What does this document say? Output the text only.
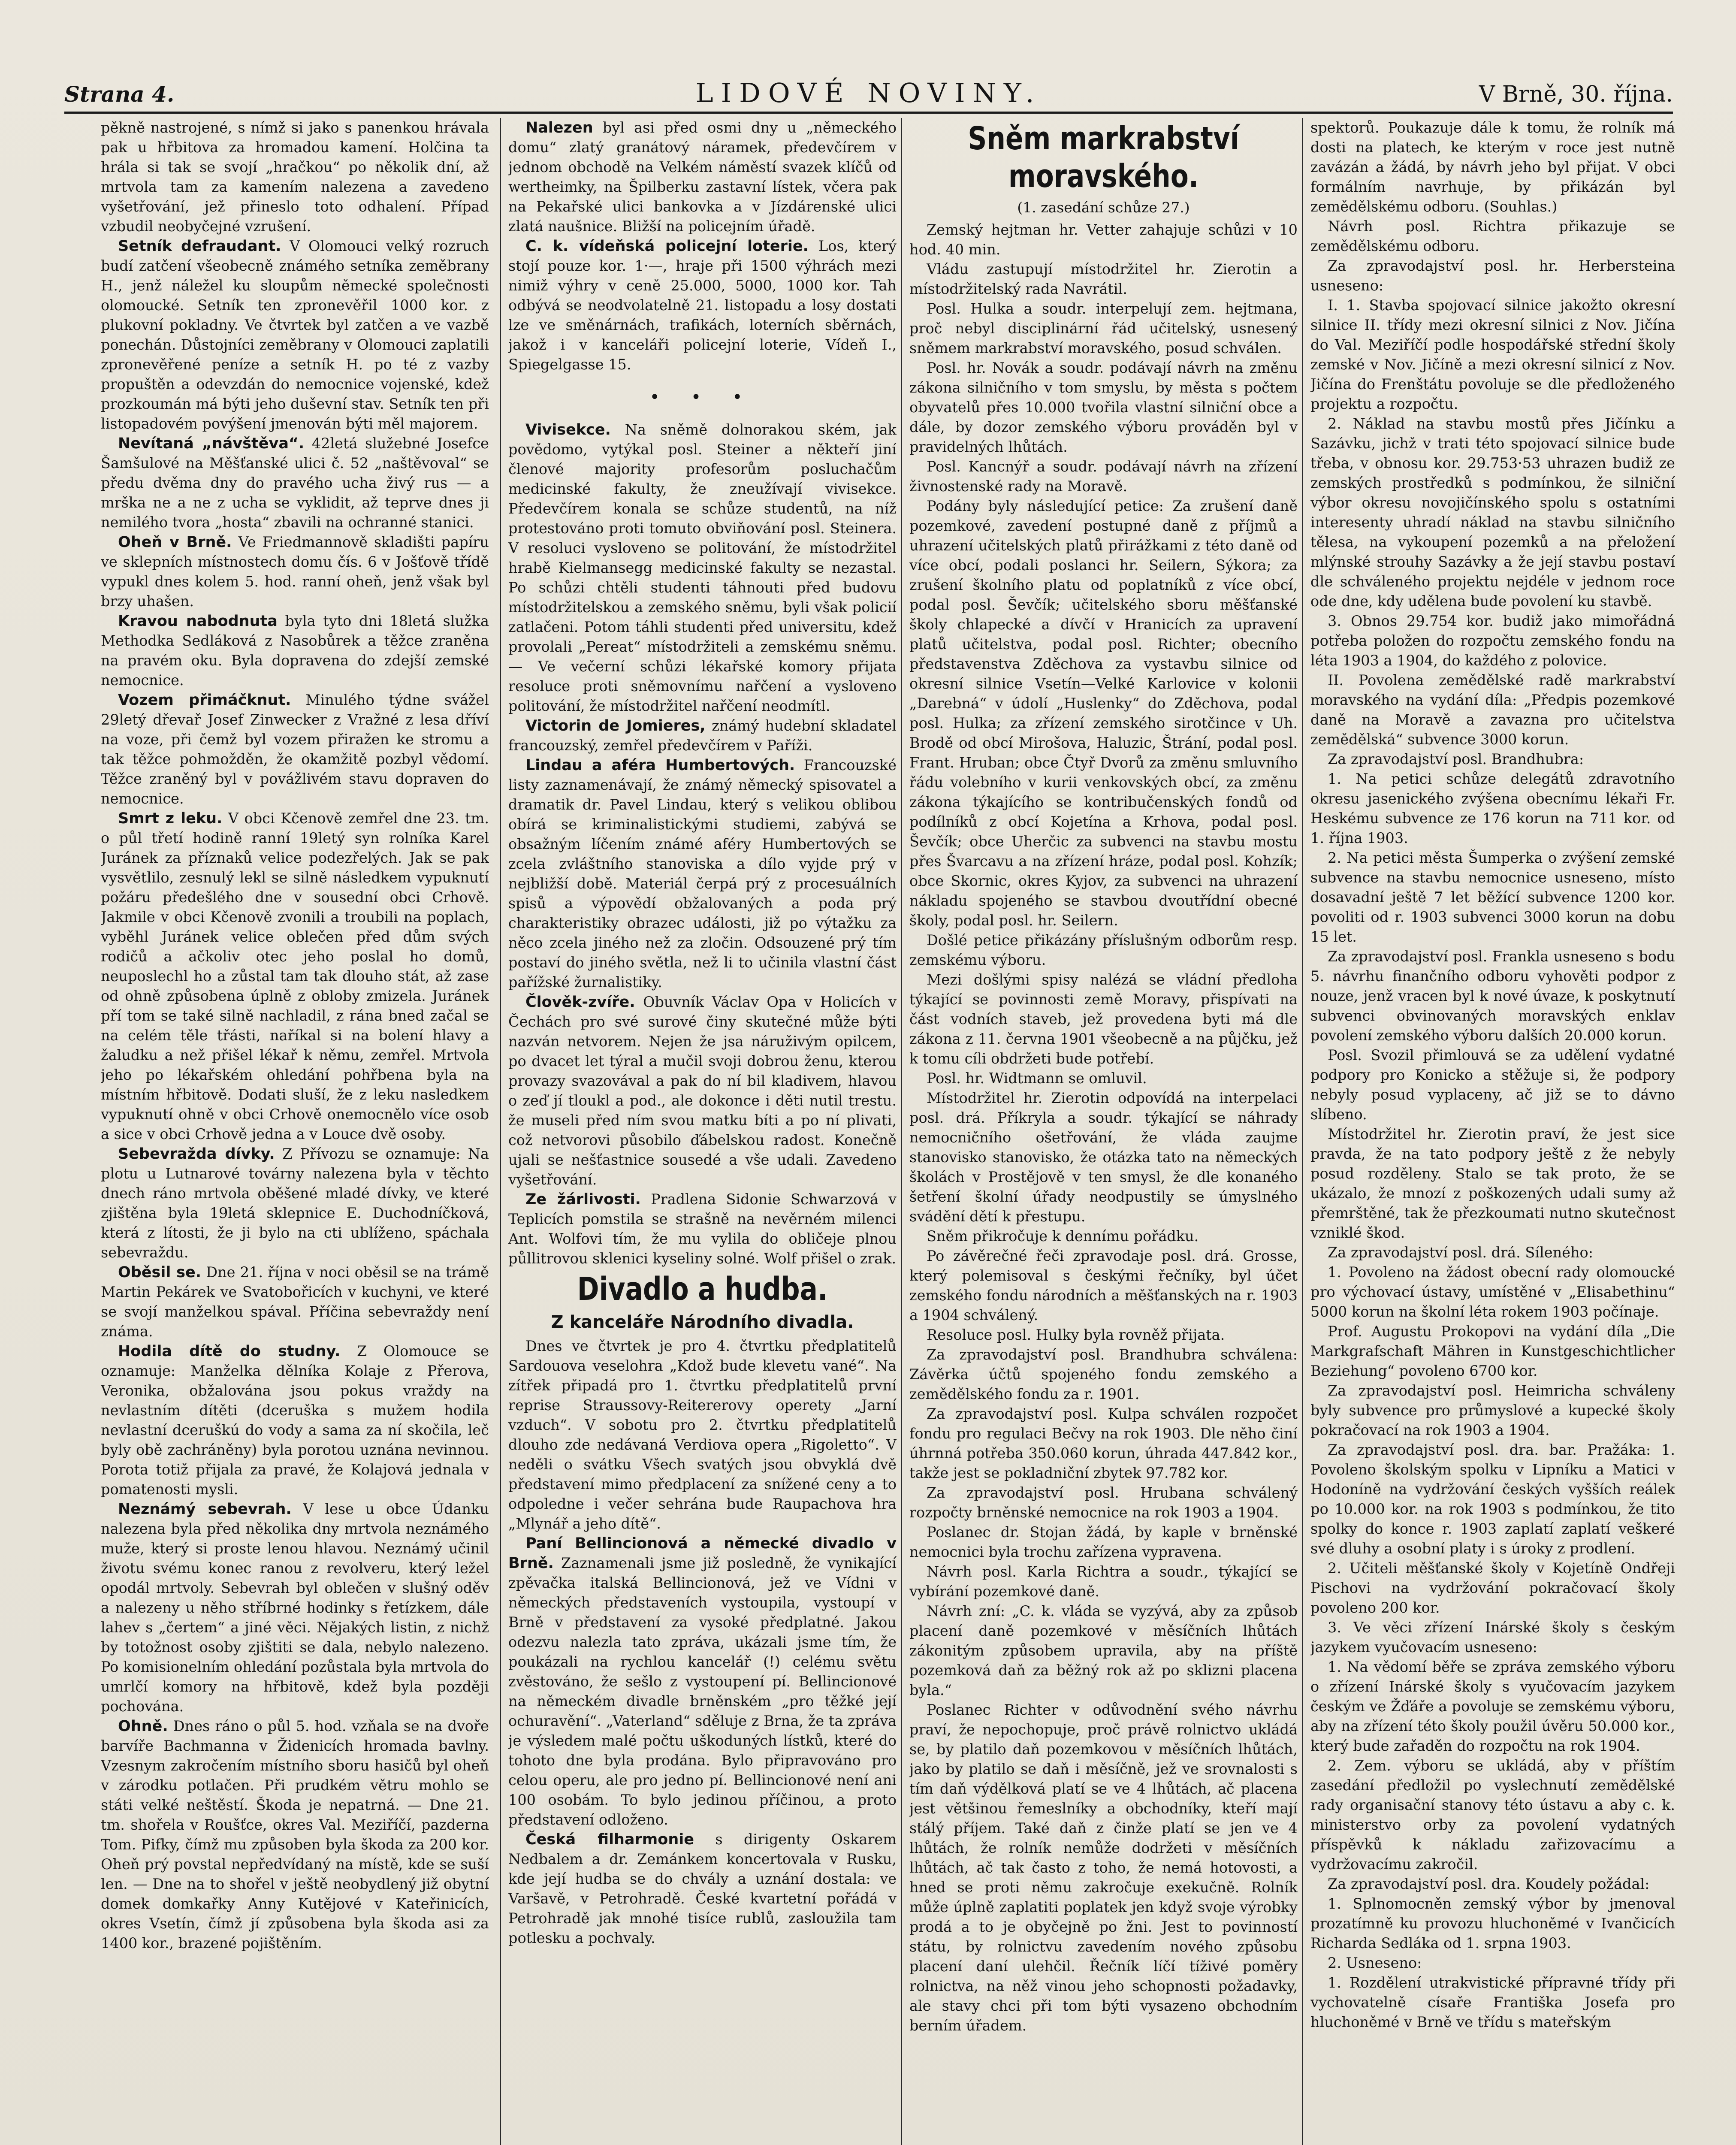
Strana 4.	LIDOVÉ NOVINY.	V Brně, 30. října.

pěkně nastrojené, s nímž si jako s panenkou hrávala pak u hřbitova za hromadou kamení. Holčina ta hrála si tak se svojí „hračkou“ po několik dní, až mrtvola tam za kamením nalezena a zavedeno vyšetřování, jež přineslo toto odhalení. Případ vzbudil neobyčejné vzrušení.

Setník defraudant. V Olomouci velký rozruch budí zatčení všeobecně známého setníka zeměbrany H., jenž náležel ku sloupům německé společnosti olomoucké. Setník ten zpronevěřil 1000 kor. z plukovní pokladny. Ve čtvrtek byl zatčen a ve vazbě ponechán. Důstojníci zeměbrany v Olomouci zaplatili zpronevěřené peníze a setník H. po té z vazby propuštěn a odevzdán do nemocnice vojenské, kdež prozkoumán má býti jeho duševní stav. Setník ten při listopadovém povýšení jmenován býti měl majorem.

Nevítaná „návštěva“. 42letá služebné Josefce Šamšulové na Měšťanské ulici č. 52 „naštěvoval“ se předu dvěma dny do pravého ucha živý rus — a mrška ne a ne z ucha se vyklidit, až teprve dnes ji nemilého tvora „hosta“ zbavili na ochranné stanici.

Oheň v Brně. Ve Friedmannově skladišti papíru ve sklepních místnostech domu čís. 6 v Jošťově třídě vypukl dnes kolem 5. hod. ranní oheň, jenž však byl brzy uhašen.

Kravou nabodnuta byla tyto dni 18letá služka Methodka Sedláková z Nasobůrek a těžce zraněna na pravém oku. Byla dopravena do zdejší zemské nemocnice.

Vozem přimáčknut. Minulého týdne svážel 29letý dřevař Josef Zinwecker z Vražné z lesa dříví na voze, při čemž byl vozem přiražen ke stromu a tak těžce pohmožděn, že okamžitě pozbyl vědomí. Těžce zraněný byl v povážlivém stavu dopraven do nemocnice.

Smrt z leku. V obci Kčenově zemřel dne 23. tm. o půl třetí hodině ranní 19letý syn rolníka Karel Juránek za příznaků velice podezřelých. Jak se pak vysvětlilo, zesnulý lekl se silně následkem vypuknutí požáru předešlého dne v sousední obci Crhově. Jakmile v obci Kčenově zvonili a troubili na poplach, vyběhl Juránek velice oblečen před dům svých rodičů a ačkoliv otec jeho poslal ho domů, neuposlechl ho a zůstal tam tak dlouho stát, až zase od ohně způsobena úplně z obloby zmizela. Juránek pří tom se také silně nachladil, z rána bned začal se na celém těle třásti, naříkal si na bolení hlavy a žaludku a než přišel lékař k němu, zemřel. Mrtvola jeho po lékařském ohledání pohřbena byla na místním hřbitově. Dodati sluší, že z leku nasledkem vypuknutí ohně v obci Crhově onemocnělo více osob a sice v obci Crhově jedna a v Louce dvě osoby.

Sebevražda dívky. Z Přívozu se oznamuje: Na plotu u Lutnarové továrny nalezena byla v těchto dnech ráno mrtvola oběšené mladé dívky, ve které zjištěna byla 19letá sklepnice E. Duchodníčková, která z lítosti, že ji bylo na cti ublíženo, spáchala sebevraždu.

Oběsil se. Dne 21. října v noci oběsil se na trámě Martin Pekárek ve Svatobořicích v kuchyni, ve které se svojí manželkou spával. Příčina sebevraždy není známa.

Hodila dítě do studny. Z Olomouce se oznamuje: Manželka dělníka Kolaje z Přerova, Veronika, obžalována jsou pokus vraždy na nevlastním dítěti (dceruška s mužem hodila nevlastní dceruškú do vody a sama za ní skočila, leč byly obě zachráněny) byla porotou uznána nevinnou. Porota totiž přijala za pravé, že Kolajová jednala v pomatenosti mysli.

Neznámý sebevrah. V lese u obce Údanku nalezena byla před několika dny mrtvola neznámého muže, který si proste lenou hlavou. Neznámý učinil životu svému konec ranou z revolveru, který ležel opodál mrtvoly. Sebevrah byl oblečen v slušný oděv a nalezeny u něho stříbrné hodinky s řetízkem, dále lahev s „čertem“ a jiné věci. Nějakých listin, z nichž by totožnost osoby zjištiti se dala, nebylo nalezeno. Po komisionelním ohledání pozůstala byla mrtvola do umrlčí komory na hřbitově, kdež byla později pochována.

Ohně. Dnes ráno o půl 5. hod. vzňala se na dvoře barvíře Bachmanna v Židenicích hromada bavlny. Vzesnym zakročením místního sboru hasičů byl oheň v zárodku potlačen. Při prudkém větru mohlo se státi velké neštěstí. Škoda je nepatrná. — Dne 21. tm. shořela v Roušťce, okres Val. Meziříčí, pazderna Tom. Pifky, čímž mu způsoben byla škoda za 200 kor. Oheň prý povstal nepředvídaný na místě, kde se suší len. — Dne na to shořel v ještě neobydlený již obytní domek domkařky Anny Kutějové v Kateřinicích, okres Vsetín, čímž jí způsobena byla škoda asi za 1400 kor., brazené pojištěním.

Nalezen byl asi před osmi dny u „německého domu“ zlatý granátový náramek, předevčírem v jednom obchodě na Velkém náměstí svazek klíčů od wertheimky, na Špilberku zastavní lístek, včera pak na Pekařské ulici bankovka a v Jízdárenské ulici zlatá naušnice. Bližší na policejním úřadě.

C. k. vídeňská policejní loterie. Los, který stojí pouze kor. 1·—, hraje při 1500 výhrách mezi nimiž výhry v ceně 25.000, 5000, 1000 kor. Tah odbývá se neodvolatelně 21. listopadu a losy dostati lze ve směnárnách, trafikách, loterních sběrnách, jakož i v kanceláři policejní loterie, Vídeň I., Spiegelgasse 15.

• • •

Vivisekce. Na sněmě dolnorakou ském, jak povědomo, vytýkal posl. Steiner a někteří jiní členové majority profesorům posluchačům medicinské fakulty, že zneužívají vivisekce. Předevčírem konala se schůze studentů, na níž protestováno proti tomuto obviňování posl. Steinera. V resoluci vysloveno se politování, že místodržitel hrabě Kielmansegg medicinské fakulty se nezastal. Po schůzi chtěli studenti táhnouti před budovu místodržitelskou a zemského sněmu, byli však policií zatlačeni. Potom táhli studenti před universitu, kdež provolali „Pereat“ místodržiteli a zemskému sněmu. — Ve večerní schůzi lékařské komory přijata resoluce proti sněmovnímu nařčení a vysloveno politování, že místodržitel nařčení neodmítl.

Victorin de Jomieres, známý hudební skladatel francouzský, zemřel předevčírem v Paříži.

Lindau a aféra Humbertových. Francouzské listy zaznamenávají, že známý německý spisovatel a dramatik dr. Pavel Lindau, který s velikou oblibou obírá se kriminalistickými studiemi, zabývá se obsažným líčením známé aféry Humbertových se zcela zvláštního stanoviska a dílo vyjde prý v nejbližší době. Materiál čerpá prý z procesuálních spisů a výpovědí obžalovaných a poda prý charakteristiky obrazec události, již po výtažku za něco zcela jiného než za zločin. Odsouzené prý tím postaví do jiného světla, než li to učinila vlastní část pařížské žurnalistiky.

Člověk-zvíře. Obuvník Václav Opa v Holicích v Čechách pro své surové činy skutečné může býti nazván netvorem. Nejen že jsa náruživým opilcem, po dvacet let týral a mučil svoji dobrou ženu, kterou provazy svazovával a pak do ní bil kladivem, hlavou o zeď jí tloukl a pod., ale dokonce i děti nutil trestu. že museli před ním svou matku bíti a po ní plivati, což netvorovi působilo ďábelskou radost. Konečně ujali se nešťastnice sousedé a vše udali. Zavedeno vyšetřování.

Ze žárlivosti. Pradlena Sidonie Schwarzová v Teplicích pomstila se strašně na nevěrném milenci Ant. Wolfovi tím, že mu vylila do obličeje plnou půllitrovou sklenici kyseliny solné. Wolf přišel o zrak.

Divadlo a hudba.
Z kanceláře Národního divadla.

Dnes ve čtvrtek je pro 4. čtvrtku předplatitelů Sardouova veselohra „Kdož bude klevetu vané“. Na zítřek připadá pro 1. čtvrtku předplatitelů první reprise Straussovy-Reitererovy operety „Jarní vzduch“. V sobotu pro 2. čtvrtku předplatitelů dlouho zde nedávaná Verdiova opera „Rigoletto“. V neděli o svátku Všech svatých jsou obvyklá dvě představení mimo předplacení za snížené ceny a to odpoledne i večer sehrána bude Raupachova hra „Mlynář a jeho dítě“.

Paní Bellincionová a německé divadlo v Brně. Zaznamenali jsme již posledně, že vynikající zpěvačka italská Bellincionová, jež ve Vídni v německých představeních vystoupila, vystoupí v Brně v představení za vysoké předplatné. Jakou odezvu nalezla tato zpráva, ukázali jsme tím, že poukázali na rychlou kancelář (!) celému světu zvěstováno, že sešlo z vystoupení pí. Bellincionové na německém divadle brněnském „pro těžké její ochuravění“. „Vaterland“ sděluje z Brna, že ta zpráva je výsledem malé počtu uškoduných lístků, které do tohoto dne byla prodána. Bylo připravováno pro celou operu, ale pro jedno pí. Bellincionové není ani 100 osobám. To bylo jedinou příčinou, a proto představení odloženo.

Česká filharmonie s dirigenty Oskarem Nedbalem a dr. Zemánkem koncertovala v Rusku, kde její hudba se do chvály a uznání dostala: ve Varšavě, v Petrohradě. České kvartetní pořádá v Petrohradě jak mnohé tisíce rublů, zasloužila tam potlesku a pochvaly.

Sněm markrabství moravského.
(1. zasedání schůze 27.)

Zemský hejtman hr. Vetter zahajuje schůzi v 10 hod. 40 min.

Vládu zastupují místodržitel hr. Zierotin a místodržitelský rada Navrátil.

Posl. Hulka a soudr. interpelují zem. hejtmana, proč nebyl disciplinární řád učitelský, usnesený sněmem markrabství moravského, posud schválen.

Posl. hr. Novák a soudr. podávají návrh na změnu zákona silničního v tom smyslu, by města s počtem obyvatelů přes 10.000 tvořila vlastní silniční obce a dále, by dozor zemského výboru prováděn byl v pravidelných lhůtách.

Posl. Kancnýř a soudr. podávají návrh na zřízení živnostenské rady na Moravě.

Podány byly následující petice: Za zrušení daně pozemkové, zavedení postupné daně z příjmů a uhrazení učitelských platů přirážkami z této daně od více obcí, podali poslanci hr. Seilern, Sýkora; za zrušení školního platu od poplatníků z více obcí, podal posl. Ševčík; učitelského sboru měšťanské školy chlapecké a dívčí v Hranicích za upravení platů učitelstva, podal posl. Richter; obecního představenstva Zděchova za vystavbu silnice od okresní silnice Vsetín—Velké Karlovice v kolonii „Darebná“ v údolí „Huslenky“ do Zděchova, podal posl. Hulka; za zřízení zemského sirotčince v Uh. Brodě od obcí Mirošova, Haluzic, Štrání, podal posl. Frant. Hruban; obce Čtyř Dvorů za změnu smluvního řádu volebního v kurii venkovských obcí, za změnu zákona týkajícího se kontribučenských fondů od podílníků z obcí Kojetína a Krhova, podal posl. Ševčík; obce Uherčic za subvenci na stavbu mostu přes Švarcavu a na zřízení hráze, podal posl. Kohzík; obce Skornic, okres Kyjov, za subvenci na uhrazení nákladu spojeného se stavbou dvoutřídní obecné školy, podal posl. hr. Seilern.

Došlé petice přikázány příslušným odborům resp. zemskému výboru.

Mezi došlými spisy nalézá se vládní předloha týkající se povinnosti země Moravy, přispívati na část vodních staveb, jež provedena byti má dle zákona z 11. června 1901 všeobecně a na půjčku, jež k tomu cíli obdržeti bude potřebí.

Posl. hr. Widtmann se omluvil.

Místodržitel hr. Zierotin odpovídá na interpelaci posl. drá. Příkryla a soudr. týkající se náhrady nemocničního ošetřování, že vláda zaujme stanovisko stanovisko, že otázka tato na německých školách v Prostějově v ten smysl, že dle konaného šetření školní úřady neodpustily se úmyslného svádění dětí k přestupu.

Sněm přikročuje k dennímu pořádku.

Po závěrečné řeči zpravodaje posl. drá. Grosse, který polemisoval s českými řečníky, byl účet zemského fondu národních a měšťanských na r. 1903 a 1904 schválený.

Resoluce posl. Hulky byla rovněž přijata.

Za zpravodajství posl. Brandhubra schválena: Závěrka účtů spojeného fondu zemského a zemědělského fondu za r. 1901.

Za zpravodajství posl. Kulpa schválen rozpočet fondu pro regulaci Bečvy na rok 1903. Dle něho činí úhrnná potřeba 350.060 korun, úhrada 447.842 kor., takže jest se pokladniční zbytek 97.782 kor.

Za zpravodajství posl. Hrubana schválený rozpočty brněnské nemocnice na rok 1903 a 1904.

Poslanec dr. Stojan žádá, by kaple v brněnské nemocnici byla trochu zařízena vypravena.

Návrh posl. Karla Richtra a soudr., týkající se vybírání pozemkové daně.

Návrh zní: „C. k. vláda se vyzývá, aby za způsob placení daně pozemkové v měsíčních lhůtách zákonitým způsobem upravila, aby na příště pozemková daň za běžný rok až po sklizni placena byla.“

Poslanec Richter v odůvodnění svého návrhu praví, že nepochopuje, proč právě rolnictvo ukládá se, by platilo daň pozemkovou v měsíčních lhůtách, jako by platilo se daň i měsíčně, jež ve srovnalosti s tím daň výdělková platí se ve 4 lhůtách, ač placena jest většinou řemeslníky a obchodníky, kteří mají stálý příjem. Také daň z činže platí se jen ve 4 lhůtách, že rolník nemůže dodržeti v měsíčních lhůtách, ač tak často z toho, že nemá hotovosti, a hned se proti němu zakročuje exekučně. Rolník může úplně zaplatiti poplatek jen když svoje výrobky prodá a to je obyčejně po žni. Jest to povinností státu, by rolnictvu zavedením nového způsobu placení daní ulehčil. Řečník líčí tíživé poměry rolnictva, na něž vinou jeho schopnosti požadavky, ale stavy chci při tom býti vysazeno obchodním berním úřadem.

spektorů. Poukazuje dále k tomu, že rolník má dosti na platech, ke kterým v roce jest nutně zavázán a žádá, by návrh jeho byl přijat. V obci formálním navrhuje, by přikázán byl zemědělskému odboru. (Souhlas.)

Návrh posl. Richtra přikazuje se zemědělskému odboru.

Za zpravodajství posl. hr. Herbersteina usneseno:

I. 1. Stavba spojovací silnice jakožto okresní silnice II. třídy mezi okresní silnici z Nov. Jičína do Val. Meziříčí podle hospodářské střední školy zemské v Nov. Jičíně a mezi okresní silnicí z Nov. Jičína do Frenštátu povoluje se dle předloženého projektu a rozpočtu.

2. Náklad na stavbu mostů přes Jičínku a Sazávku, jichž v trati této spojovací silnice bude třeba, v obnosu kor. 29.753·53 uhrazen budiž ze zemských prostředků s podmínkou, že silniční výbor okresu novojičínského spolu s ostatními interesenty uhradí náklad na stavbu silničního tělesa, na vykoupení pozemků a na přeložení mlýnské strouhy Sazávky a že její stavbu postaví dle schváleného projektu nejdéle v jednom roce ode dne, kdy udělena bude povolení ku stavbě.

3. Obnos 29.754 kor. budiž jako mimořádná potřeba položen do rozpočtu zemského fondu na léta 1903 a 1904, do každého z polovice.

II. Povolena zemědělské radě markrabství moravského na vydání díla: „Předpis pozemkové daně na Moravě a zavazna pro učitelstva zemědělská“ subvence 3000 korun.

Za zpravodajství posl. Brandhubra:

1. Na petici schůze delegátů zdravotního okresu jasenického zvýšena obecnímu lékaři Fr. Heskému subvence ze 176 korun na 711 kor. od 1. října 1903.

2. Na petici města Šumperka o zvýšení zemské subvence na stavbu nemocnice usneseno, místo dosavadní ještě 7 let běžící subvence 1200 kor. povoliti od r. 1903 subvenci 3000 korun na dobu 15 let.

Za zpravodajství posl. Frankla usneseno s bodu 5. návrhu finančního odboru vyhověti podpor z nouze, jenž vracen byl k nové úvaze, k poskytnutí subvenci obvinovaných moravských enklav povolení zemského výboru dalších 20.000 korun.

Posl. Svozil přimlouvá se za udělení vydatné podpory pro Konicko a stěžuje si, že podpory nebyly posud vyplaceny, ač již se to dávno slíbeno.

Místodržitel hr. Zierotin praví, že jest sice pravda, že na tato podpory ještě z že nebyly posud rozděleny. Stalo se tak proto, že se ukázalo, že mnozí z poškozených udali sumy až přemrštěné, tak že přezkoumati nutno skutečnost vzniklé škod.

Za zpravodajství posl. drá. Síleného:

1. Povoleno na žádost obecní rady olomoucké pro výchovací ústavy, umístěné v „Elisabethinu“ 5000 korun na školní léta rokem 1903 počínaje.

Prof. Augustu Prokopovi na vydání díla „Die Markgrafschaft Mähren in Kunstgeschichtlicher Beziehung“ povoleno 6700 kor.

Za zpravodajství posl. Heimricha schváleny byly subvence pro průmyslové a kupecké školy pokračovací na rok 1903 a 1904.

Za zpravodajství posl. dra. bar. Pražáka: 1. Povoleno školským spolku v Lipníku a Matici v Hodoníně na vydržování českých vyšších reálek po 10.000 kor. na rok 1903 s podmínkou, že tito spolky do konce r. 1903 zaplatí zaplatí veškeré své dluhy a osobní platy i s úroky z prodlení.

2. Učiteli měšťanské školy v Kojetíně Ondřeji Pischovi na vydržování pokračovací školy povoleno 200 kor.

3. Ve věci zřízení Inárské školy s českým jazykem vyučovacím usneseno:

1. Na vědomí běře se zpráva zemského výboru o zřízení Inárské školy s vyučovacím jazykem českým ve Žďáře a povoluje se zemskému výboru, aby na zřízení této školy použil úvěru 50.000 kor., který bude zařaděn do rozpočtu na rok 1904.

2. Zem. výboru se ukládá, aby v příštím zasedání předložil po vyslechnutí zemědělské rady organisační stanovy této ústavu a aby c. k. ministerstvo orby za povolení vydatných příspěvků k nákladu zařizovacímu a vydržovacímu zakročil.

Za zpravodajství posl. dra. Koudely požádal:

1. Splnomocněn zemský výbor by jmenoval prozatímně ku provozu hluchoněmé v Ivančicích Richarda Sedláka od 1. srpna 1903.

2. Usneseno:

1. Rozdělení utrakvistické přípravné třídy při vychovatelně císaře Františka Josefa pro hluchoněmé v Brně ve třídu s mateřským
